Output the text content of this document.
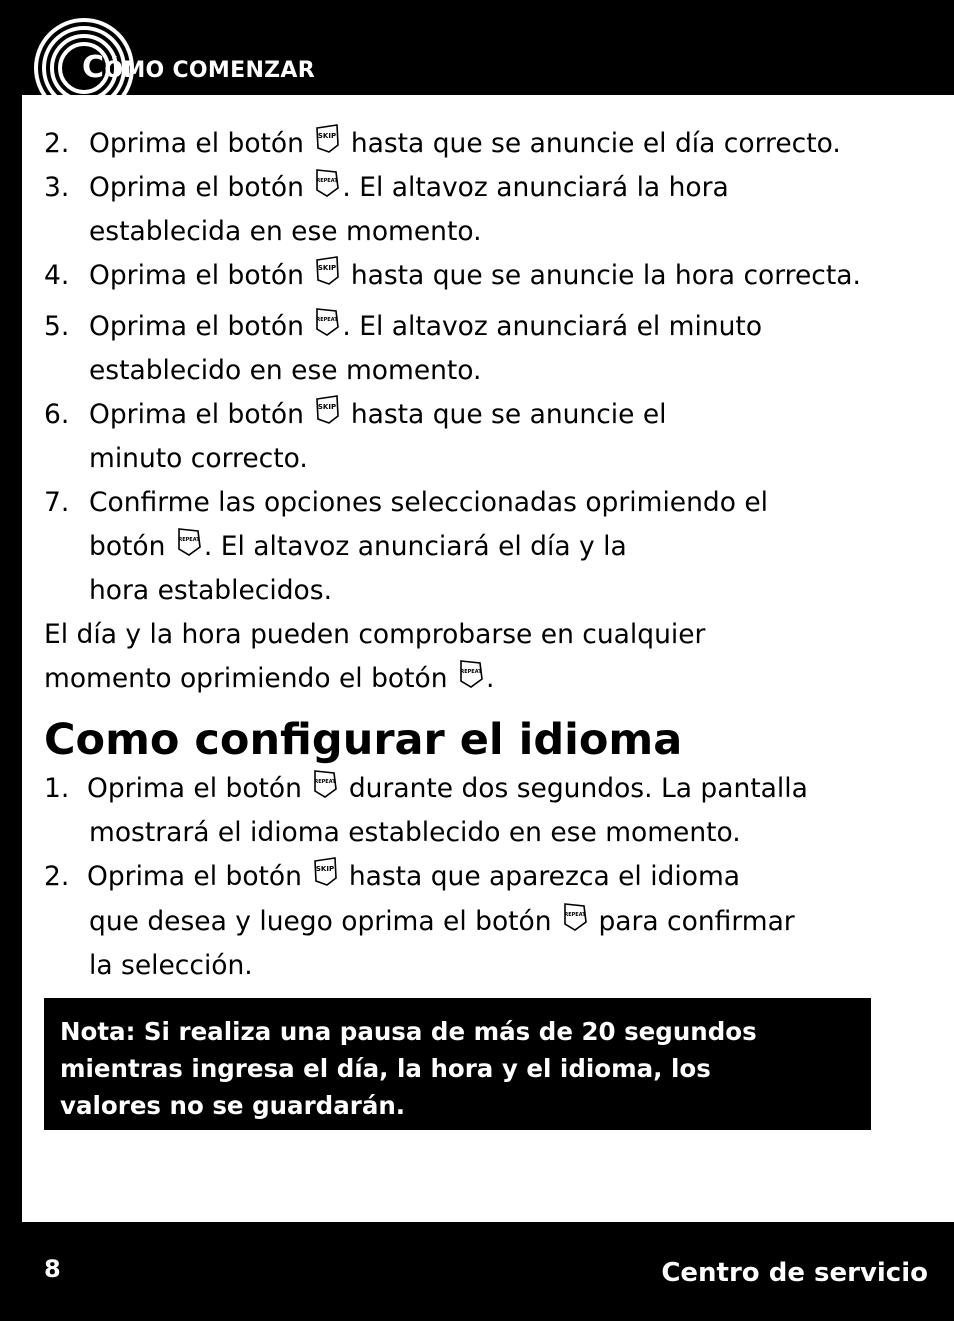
CÓMO COMENZAR
2. Oprima el botón SKIP hasta que se anuncie el día correcto.
3. Oprima el botón	REPEAT . El altavoz anunciará la hora
establecida en ese momento.
4. Oprima el botón SKIP hasta que se anuncie la hora correcta.
5. Oprima el botón	REPEAT . El altavoz anunciará el minuto
establecido en ese momento.
6. Oprima el botón SKIP hasta que se anuncie el
minuto correcto.
7. Confirme las opciones seleccionadas oprimiendo el
botón	REPEAT . El altavoz anunciará el día y la
hora establecidos.
El día y la hora pueden comprobarse en cualquier
momento oprimiendo el botón	REPEAT .
Como configurar el idioma
1. Oprima el botón	REPEAT durante dos segundos. La pantalla
mostrará el idioma establecido en ese momento.
2. Oprima el botón SKIP hasta que aparezca el idioma
que desea y luego oprima el botón	REPEAT para confirmar
la selección.
Nota: Si realiza una pausa de más de 20 segundos
mientras ingresa el día, la hora y el idioma, los
valores no se guardarán.
8	Centro de servicio
